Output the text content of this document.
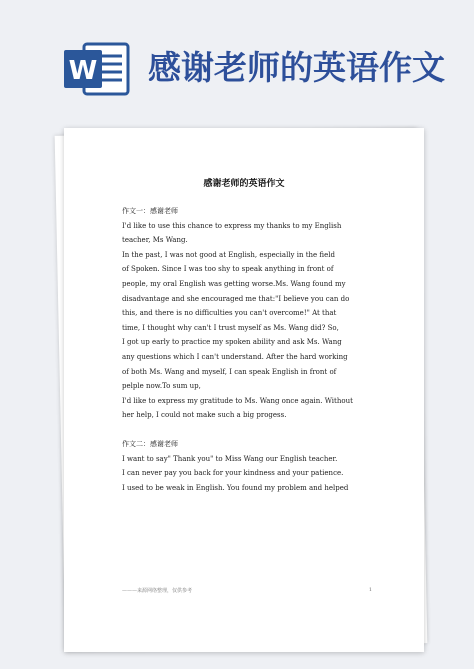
W 感谢老师的英语作文
感谢老师的英语作文

作文一：感谢老师

I'd like to use this chance to express my thanks to my English

teacher, Ms Wang.

In the past, I was not good at English, especially in the field

of Spoken. Since I was too shy to speak anything in front of

people, my oral English was getting worse.Ms. Wang found my

disadvantage and she encouraged me that:"I believe you can do

this, and there is no difficulties you can't overcome!" At that

time, I thought why can't I trust myself as Ms. Wang did? So,

I got up early to practice my spoken ability and ask Ms. Wang

any questions which I can't understand. After the hard working

of both Ms. Wang and myself, I can speak English in front of

pelple now.To sum up,

I'd like to express my gratitude to Ms. Wang once again. Without

her help, I could not make such a big progess.

作文二：感谢老师

I want to say" Thank you" to Miss Wang our English teacher.

I can never pay you back for your kindness and your patience.

I used to be weak in English. You found my problem and helped

———来源网络整理，仅供参考	1
